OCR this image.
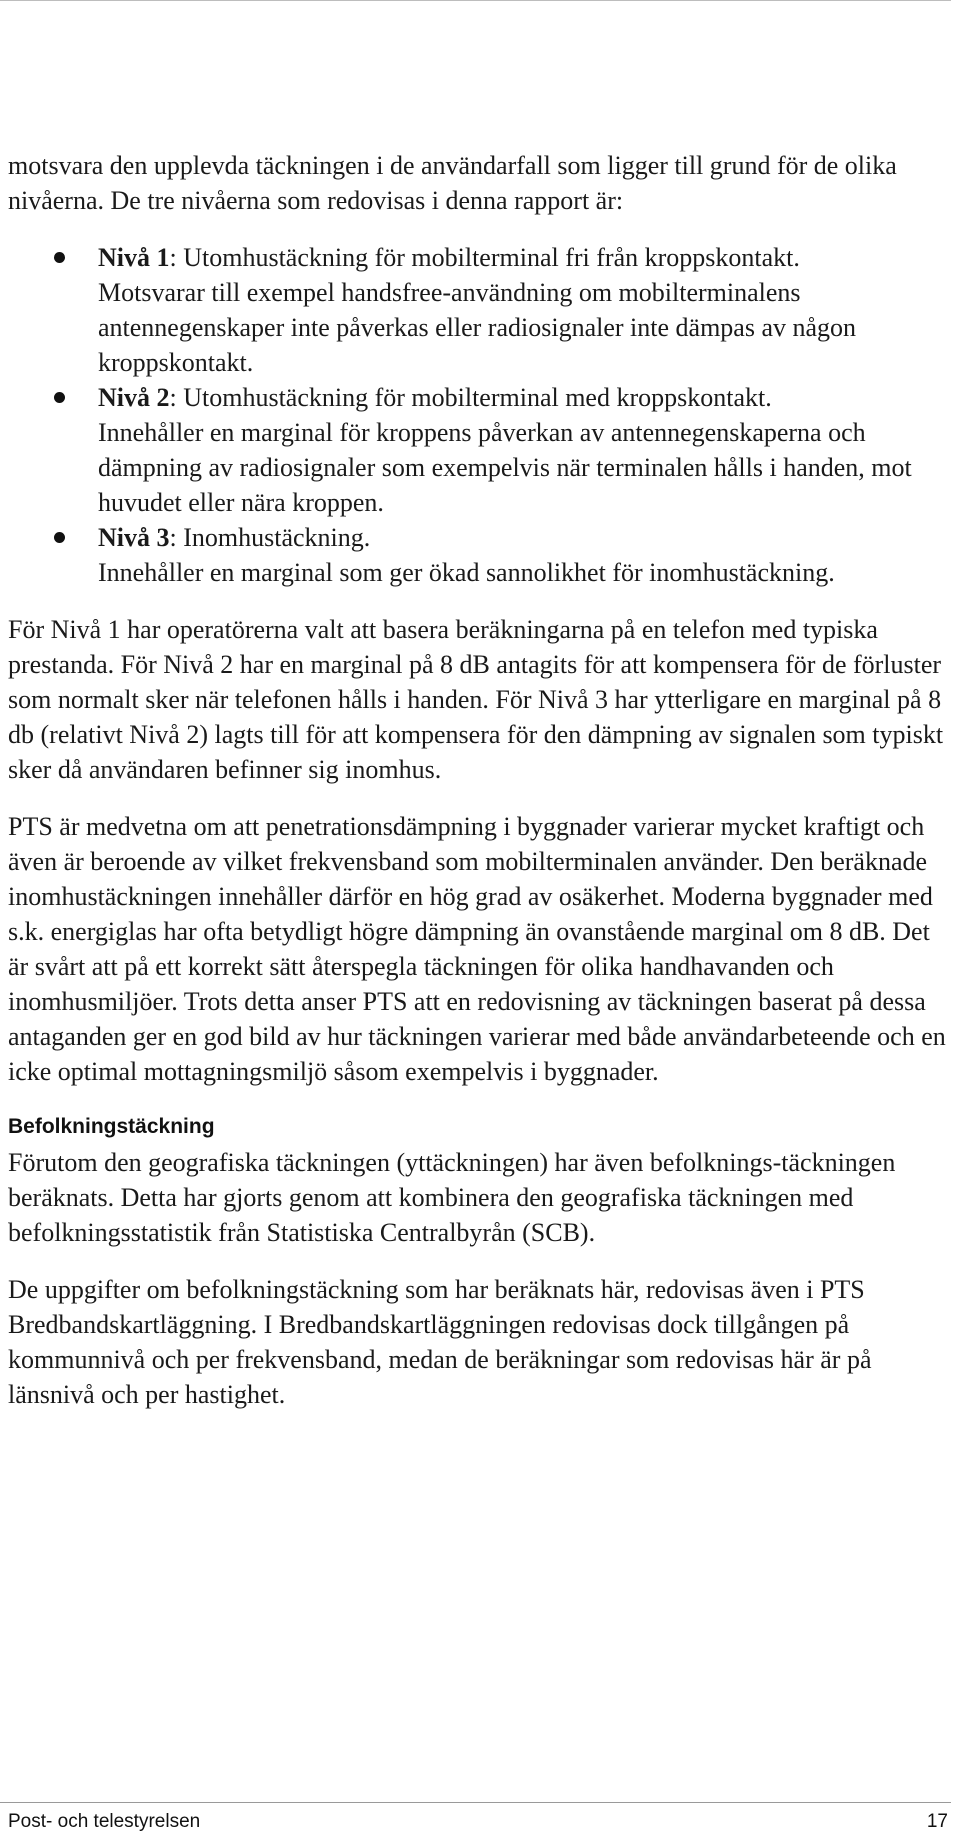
motsvara den upplevda täckningen i de användarfall som ligger till grund för de olika nivåerna. De tre nivåerna som redovisas i denna rapport är:

Nivå 1: Utomhustäckning för mobilterminal fri från kroppskontakt.
Motsvarar till exempel handsfree-användning om mobilterminalens antennegenskaper inte påverkas eller radiosignaler inte dämpas av någon kroppskontakt.
Nivå 2: Utomhustäckning för mobilterminal med kroppskontakt.
Innehåller en marginal för kroppens påverkan av antennegenskaperna och dämpning av radiosignaler som exempelvis när terminalen hålls i handen, mot huvudet eller nära kroppen.
Nivå 3: Inomhustäckning.
Innehåller en marginal som ger ökad sannolikhet för inomhustäckning.

För Nivå 1 har operatörerna valt att basera beräkningarna på en telefon med typiska prestanda. För Nivå 2 har en marginal på 8 dB antagits för att kompensera för de förluster som normalt sker när telefonen hålls i handen. För Nivå 3 har ytterligare en marginal på 8 db (relativt Nivå 2) lagts till för att kompensera för den dämpning av signalen som typiskt sker då användaren befinner sig inomhus.

PTS är medvetna om att penetrationsdämpning i byggnader varierar mycket kraftigt och även är beroende av vilket frekvensband som mobilterminalen använder. Den beräknade inomhustäckningen innehåller därför en hög grad av osäkerhet. Moderna byggnader med s.k. energiglas har ofta betydligt högre dämpning än ovanstående marginal om 8 dB. Det är svårt att på ett korrekt sätt återspegla täckningen för olika handhavanden och inomhusmiljöer. Trots detta anser PTS att en redovisning av täckningen baserat på dessa antaganden ger en god bild av hur täckningen varierar med både användarbeteende och en icke optimal mottagningsmiljö såsom exempelvis i byggnader.

Befolkningstäckning

Förutom den geografiska täckningen (yttäckningen) har även befolknings-täckningen beräknats. Detta har gjorts genom att kombinera den geografiska täckningen med befolkningsstatistik från Statistiska Centralbyrån (SCB).

De uppgifter om befolkningstäckning som har beräknats här, redovisas även i PTS Bredbandskartläggning. I Bredbandskartläggningen redovisas dock tillgången på kommunnivå och per frekvensband, medan de beräkningar som redovisas här är på länsnivå och per hastighet.

Post- och telestyrelsen	17
